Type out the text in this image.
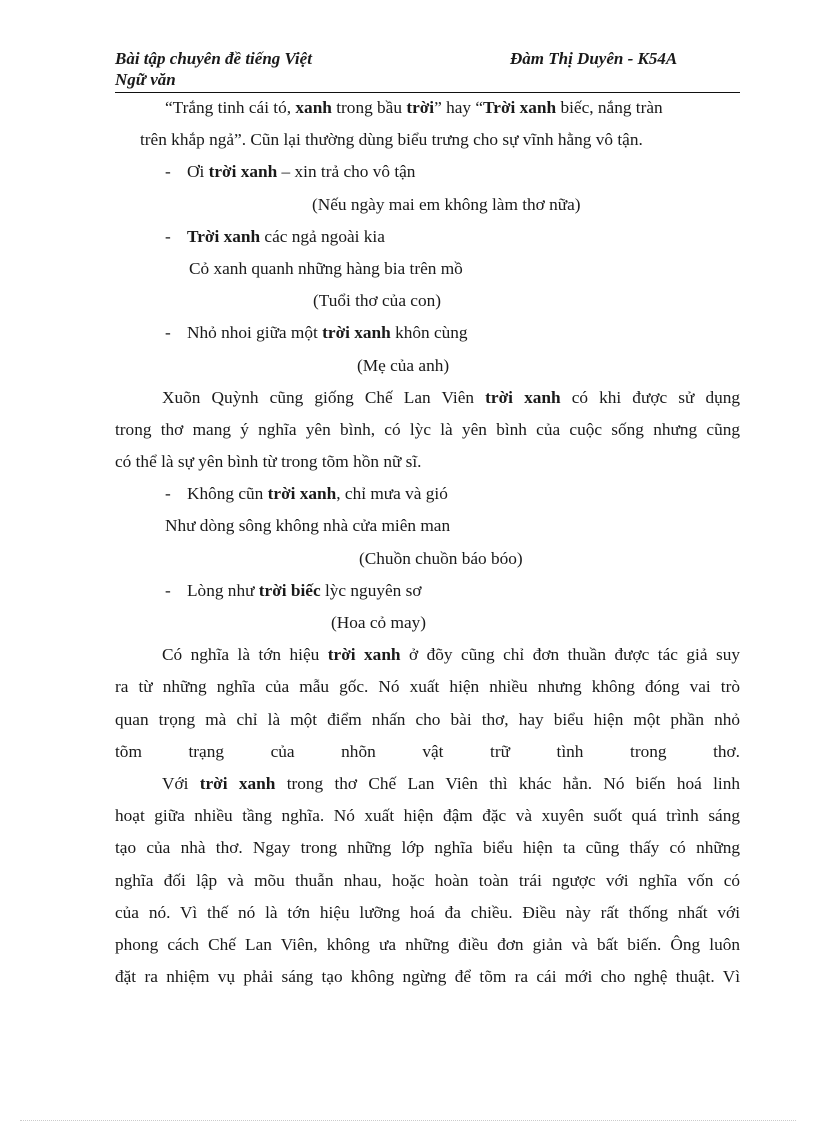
Bài tập chuyên đề tiếng Việt	Đàm Thị Duyên - K54A
Ngữ văn
“Trắng tinh cái tó, xanh trong bầu trời” hay “Trời xanh biếc, nắng tràn
trên khắp ngả”. Cũn lại thường dùng biểu trưng cho sự vĩnh hằng vô tận.
- Ơi trời xanh – xin trả cho vô tận
(Nếu ngày mai em không làm thơ nữa)
- Trời xanh các ngả ngoài kia
Cỏ xanh quanh những hàng bia trên mồ
(Tuổi thơ của con)
- Nhỏ nhoi giữa một trời xanh khôn cùng
(Mẹ của anh)
Xuõn Quỳnh cũng giống Chế Lan Viên trời xanh có khi được sử dụng
trong thơ mang ý nghĩa yên bình, có lỳc là yên bình của cuộc sống nhưng cũng
có thể là sự yên bình từ trong tõm hồn nữ sĩ.
- Không cũn trời xanh, chỉ mưa và gió
Như dòng sông không nhà cửa miên man
(Chuồn chuồn báo bóo)
- Lòng như trời biếc lỳc nguyên sơ
(Hoa cỏ may)
Có nghĩa là tớn hiệu trời xanh ở đõy cũng chỉ đơn thuần được tác giả suy
ra từ những nghĩa của mẫu gốc. Nó xuất hiện nhiều nhưng không đóng vai trò
quan trọng mà chỉ là một điểm nhấn cho bài thơ, hay biểu hiện một phần nhỏ
tõm trạng của nhõn vật trữ tình trong thơ.
Với trời xanh trong thơ Chế Lan Viên thì khác hẳn. Nó biến hoá linh
hoạt giữa nhiều tầng nghĩa. Nó xuất hiện đậm đặc và xuyên suốt quá trình sáng
tạo của nhà thơ. Ngay trong những lớp nghĩa biểu hiện ta cũng thấy có những
nghĩa đối lập và mõu thuẫn nhau, hoặc hoàn toàn trái ngược với nghĩa vốn có
của nó. Vì thế nó là tớn hiệu lưỡng hoá đa chiều. Điều này rất thống nhất với
phong cách Chế Lan Viên, không ưa những điều đơn giản và bất biến. Ông luôn
đặt ra nhiệm vụ phải sáng tạo không ngừng để tõm ra cái mới cho nghệ thuật. Vì
